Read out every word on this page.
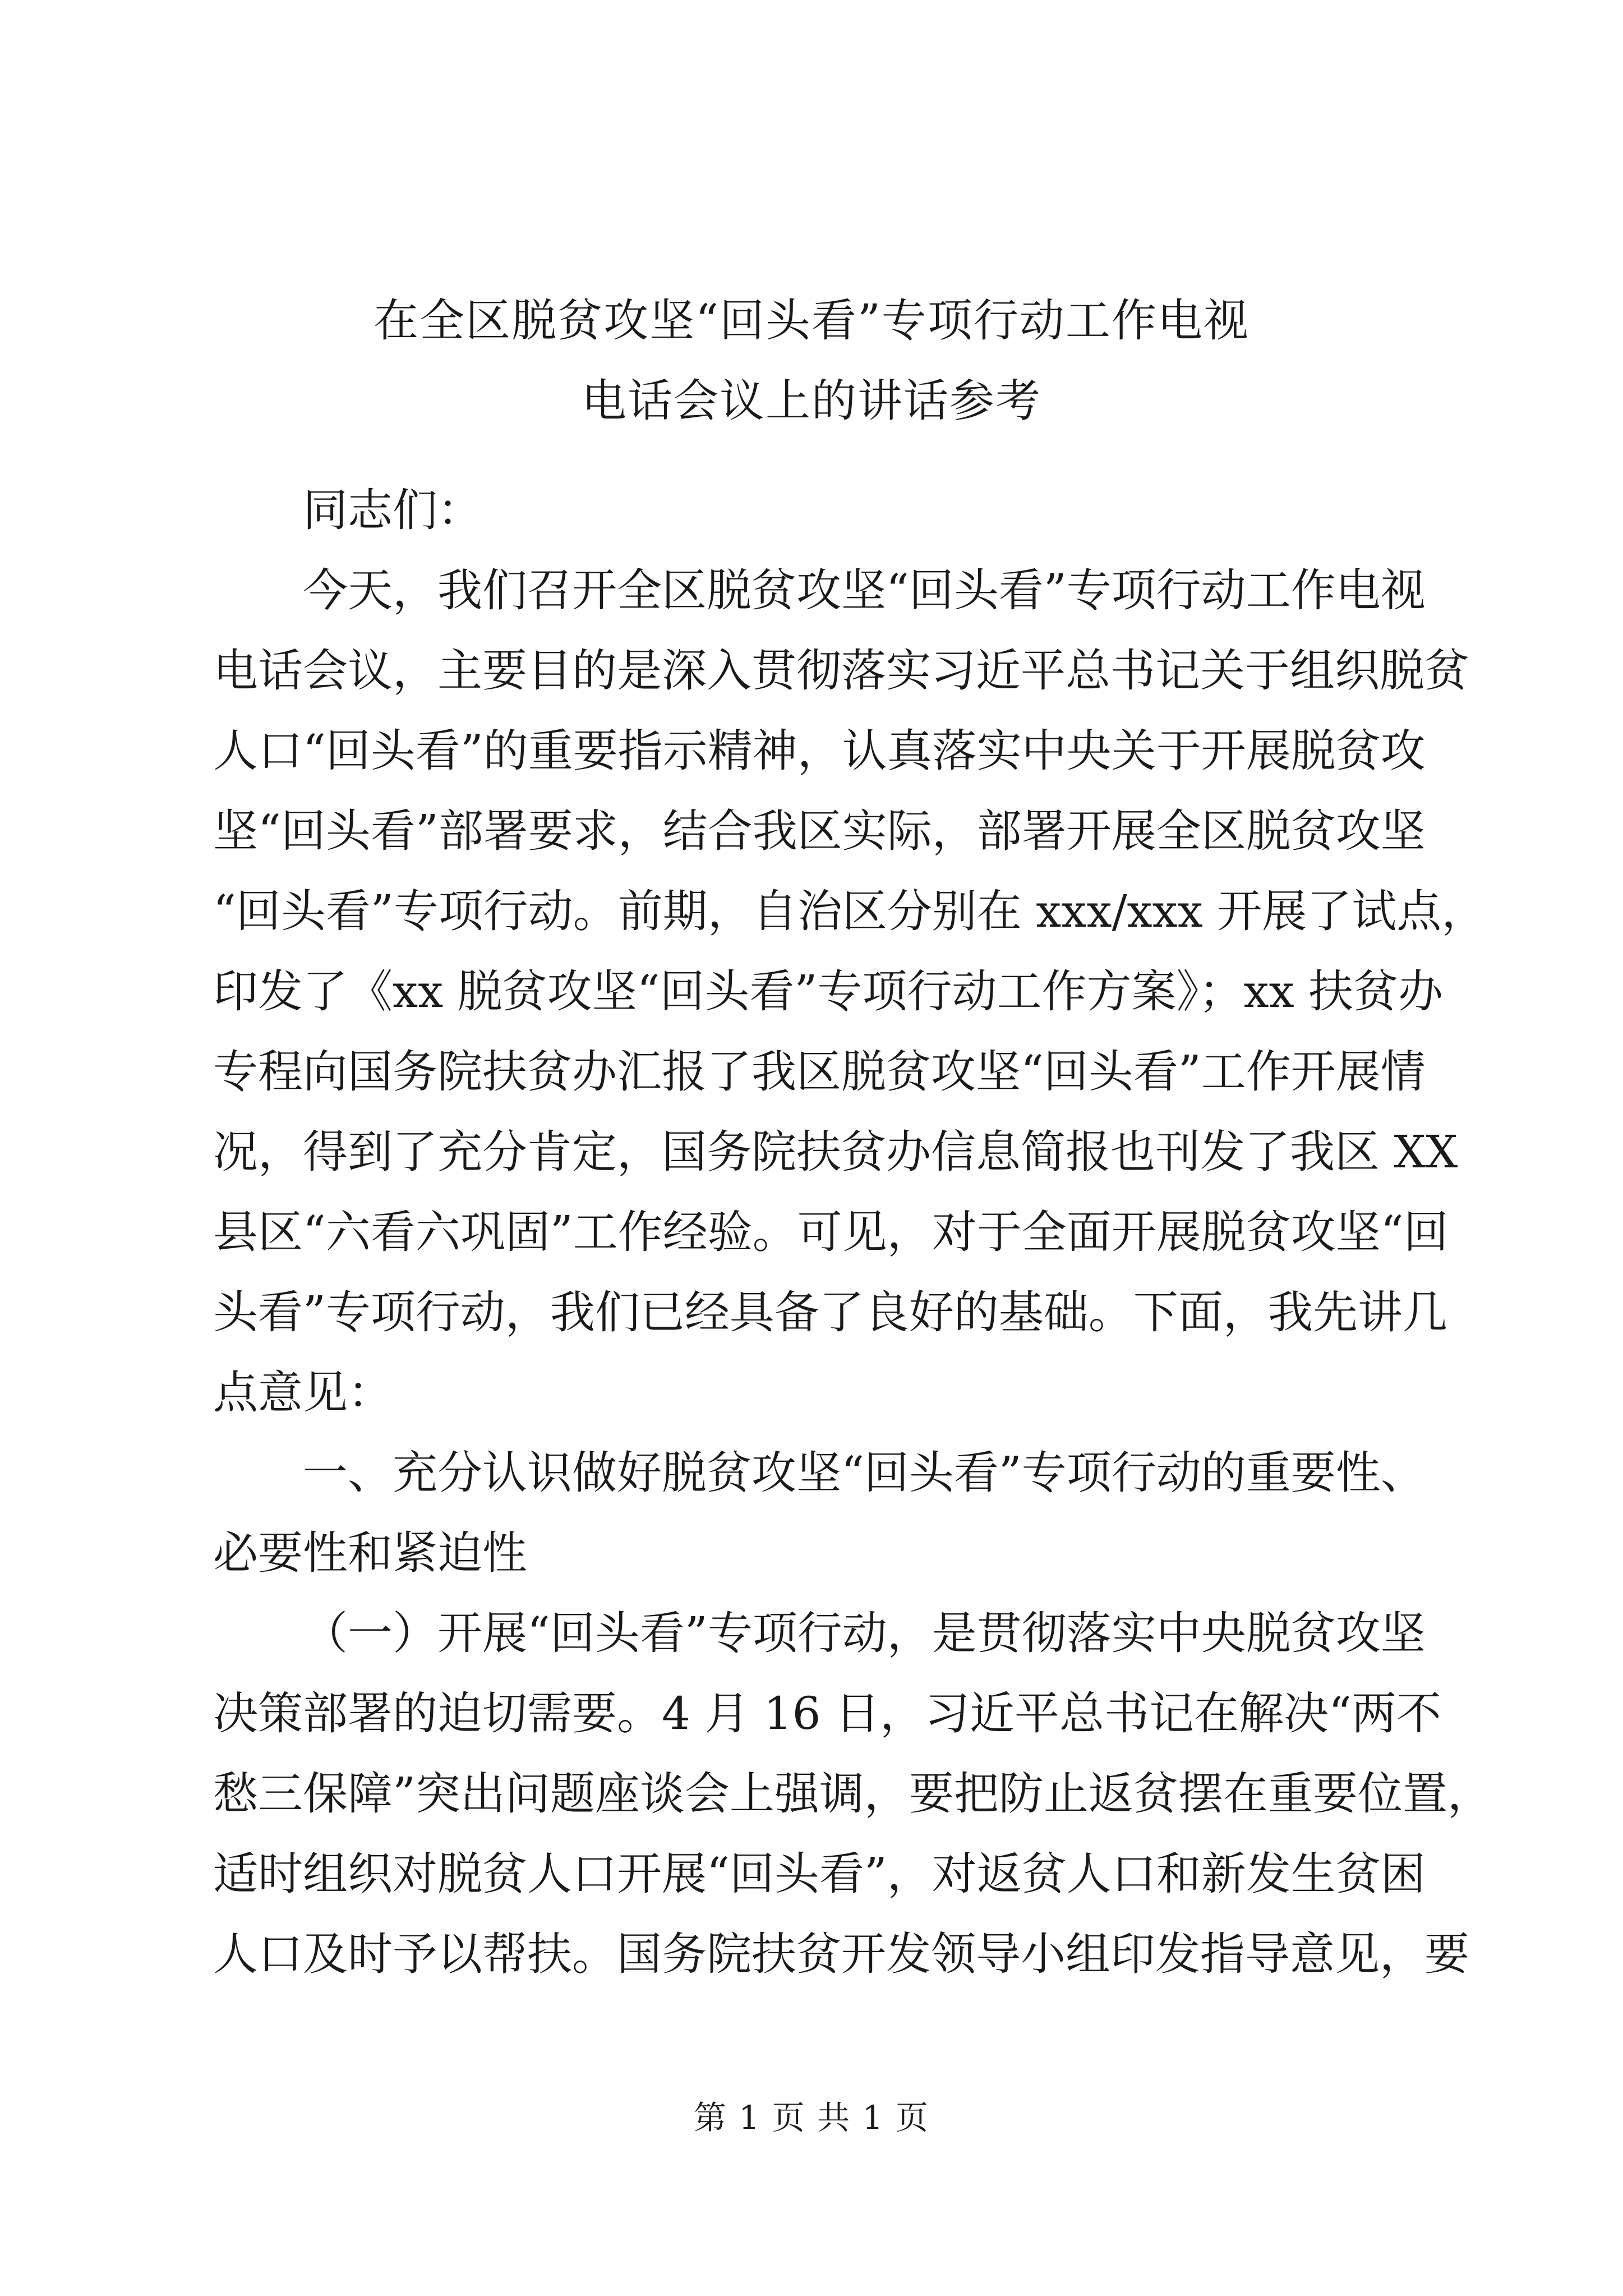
在全区脱贫攻坚“回头看”专项行动工作电视
电话会议上的讲话参考
同志们：
今天，我们召开全区脱贫攻坚“回头看”专项行动工作电视
电话会议，主要目的是深入贯彻落实习近平总书记关于组织脱贫
人口“回头看”的重要指示精神，认真落实中央关于开展脱贫攻
坚“回头看”部署要求，结合我区实际，部署开展全区脱贫攻坚
“回头看”专项行动。前期，自治区分别在 xxx/xxx 开展了试点，
印发了《xx 脱贫攻坚“回头看”专项行动工作方案》；xx 扶贫办
专程向国务院扶贫办汇报了我区脱贫攻坚“回头看”工作开展情
况，得到了充分肯定，国务院扶贫办信息简报也刊发了我区 XX
县区“六看六巩固”工作经验。可见，对于全面开展脱贫攻坚“回
头看”专项行动，我们已经具备了良好的基础。下面，我先讲几
点意见：
一、充分认识做好脱贫攻坚“回头看”专项行动的重要性、
必要性和紧迫性
（一）开展“回头看”专项行动，是贯彻落实中央脱贫攻坚
决策部署的迫切需要。4 月 16 日，习近平总书记在解决“两不
愁三保障”突出问题座谈会上强调，要把防止返贫摆在重要位置，
适时组织对脱贫人口开展“回头看”，对返贫人口和新发生贫困
人口及时予以帮扶。国务院扶贫开发领导小组印发指导意见，要
第 1 页 共 1 页
